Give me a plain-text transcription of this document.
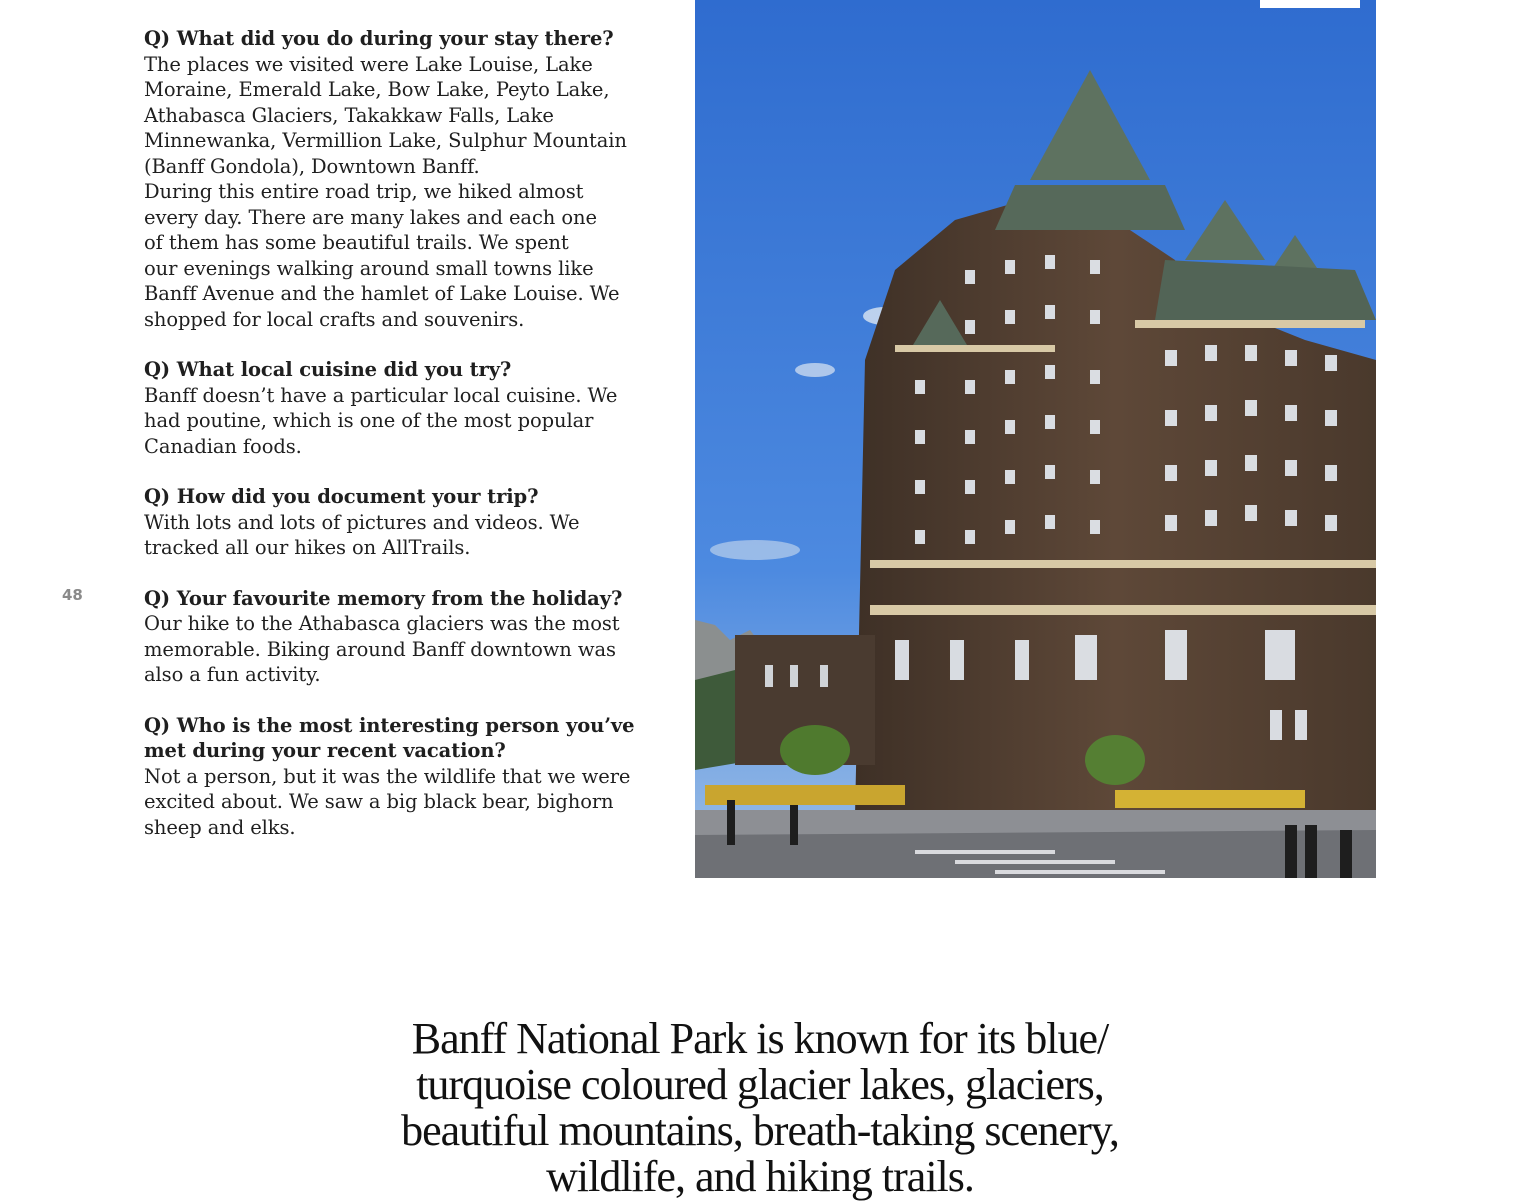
48
Q) What did you do during your stay there?
The places we visited were Lake Louise, Lake
Moraine, Emerald Lake, Bow Lake, Peyto Lake,
Athabasca Glaciers, Takakkaw Falls, Lake
Minnewanka, Vermillion Lake, Sulphur Mountain
(Banff Gondola), Downtown Banff.
During this entire road trip, we hiked almost
every day. There are many lakes and each one
of them has some beautiful trails. We spent
our evenings walking around small towns like
Banff Avenue and the hamlet of Lake Louise. We
shopped for local crafts and souvenirs.
Q) What local cuisine did you try?
Banff doesn’t have a particular local cuisine. We
had poutine, which is one of the most popular
Canadian foods.
Q) How did you document your trip?
With lots and lots of pictures and videos. We
tracked all our hikes on AllTrails.
Q) Your favourite memory from the holiday?
Our hike to the Athabasca glaciers was the most
memorable. Biking around Banff downtown was
also a fun activity.
Q) Who is the most interesting person you’ve
met during your recent vacation?
Not a person, but it was the wildlife that we were
excited about. We saw a big black bear, bighorn
sheep and elks.
Banff National Park is known for its blue/
turquoise coloured glacier lakes, glaciers,
beautiful mountains, breath-taking scenery,
wildlife, and hiking trails.
